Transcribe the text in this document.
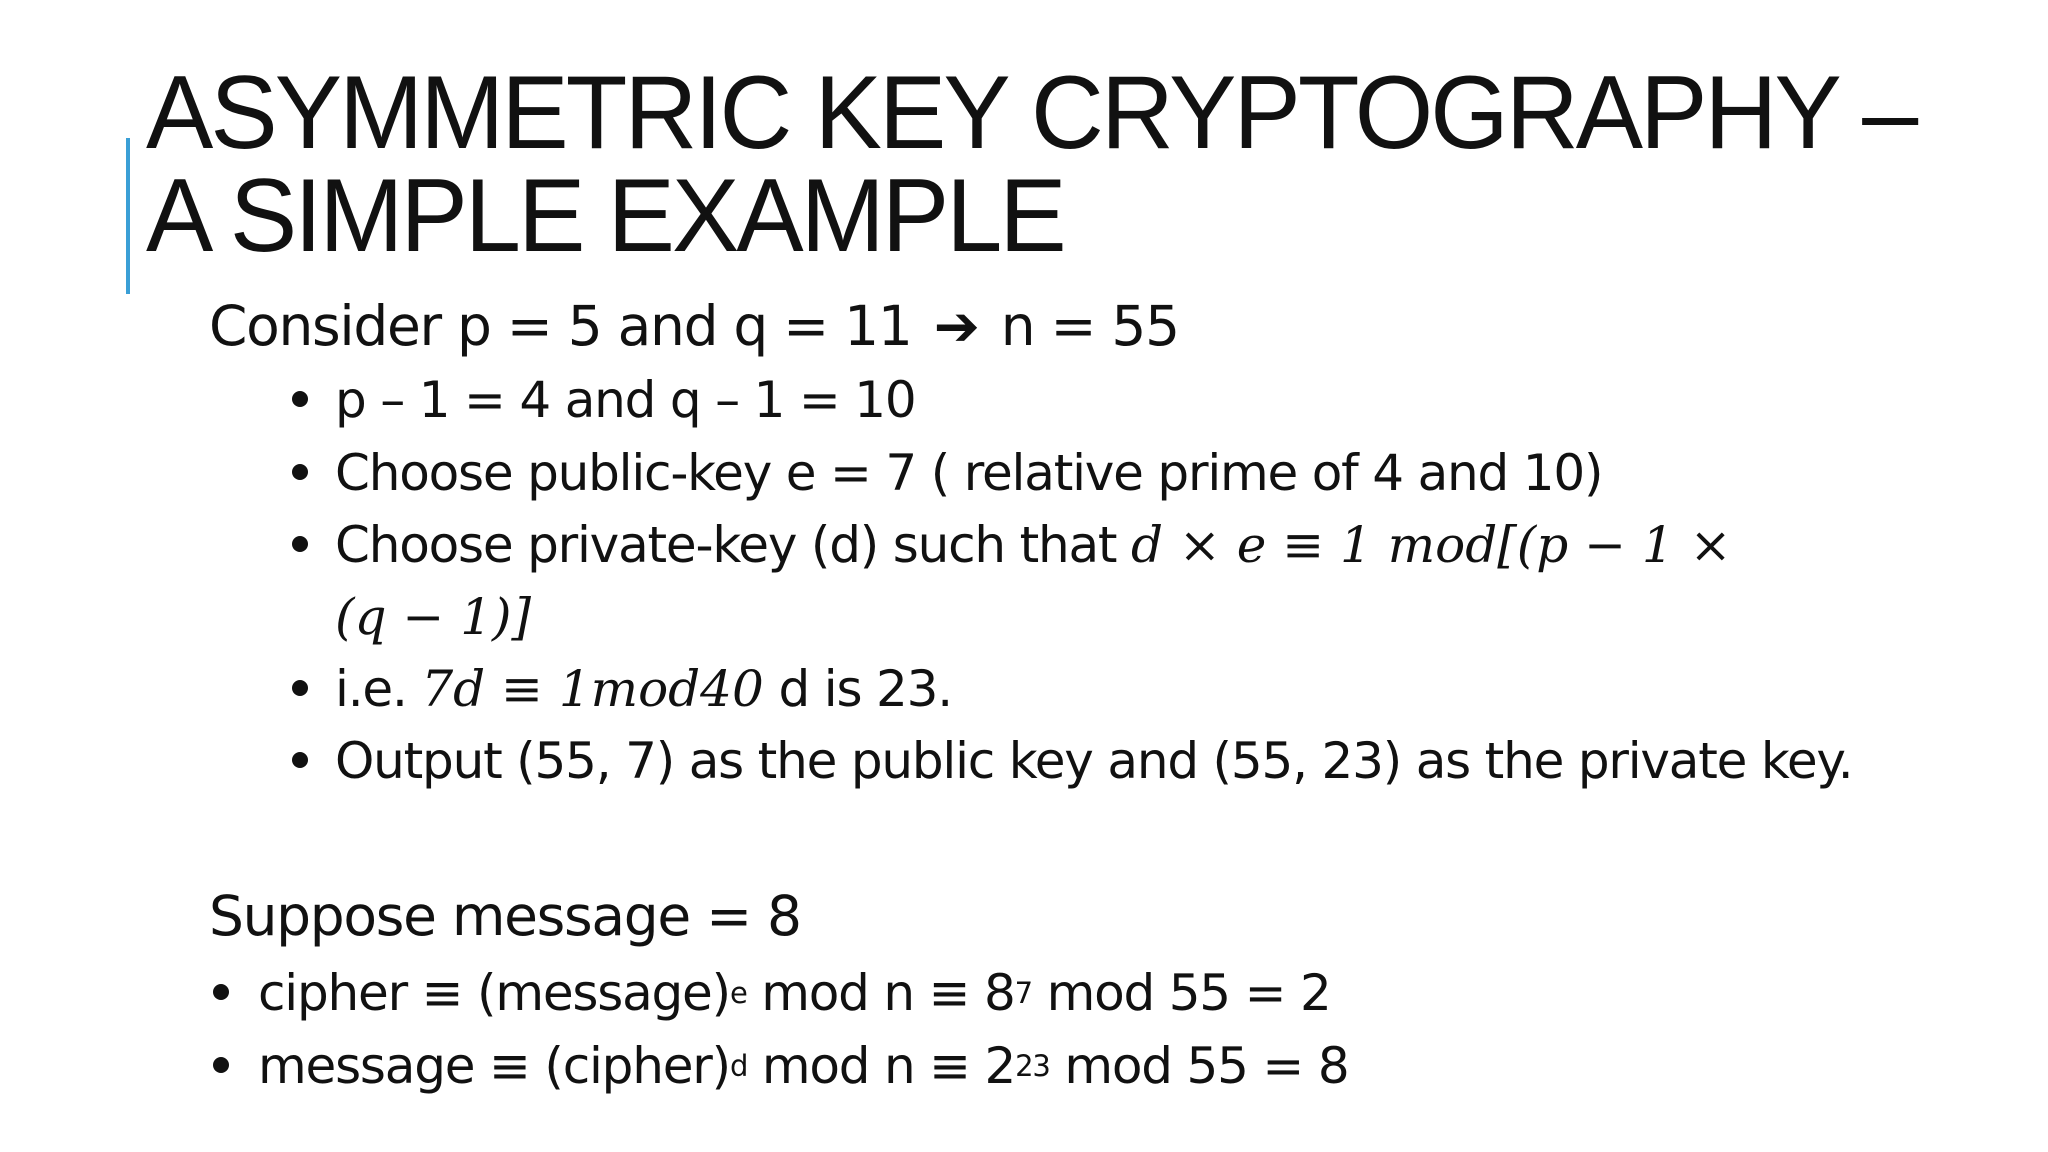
ASYMMETRIC KEY CRYPTOGRAPHY – A SIMPLE EXAMPLE
Consider p = 5 and q = 11 ➔ n = 55
p – 1 = 4 and q – 1 = 10
Choose public-key e = 7 ( relative prime of 4 and 10)
Choose private-key (d) such that d × e ≡ 1 mod[(p − 1 ×
(q − 1)]
i.e. 7d ≡ 1mod40 d is 23.
Output (55, 7) as the public key and (55, 23) as the private key.
Suppose message = 8
cipher ≡ (message)$^e$ mod $n \equiv 8^7$ mod 55 = 2
message ≡ (cipher)$^d$ mod $n \equiv 2^{23}$ mod 55 = 8
